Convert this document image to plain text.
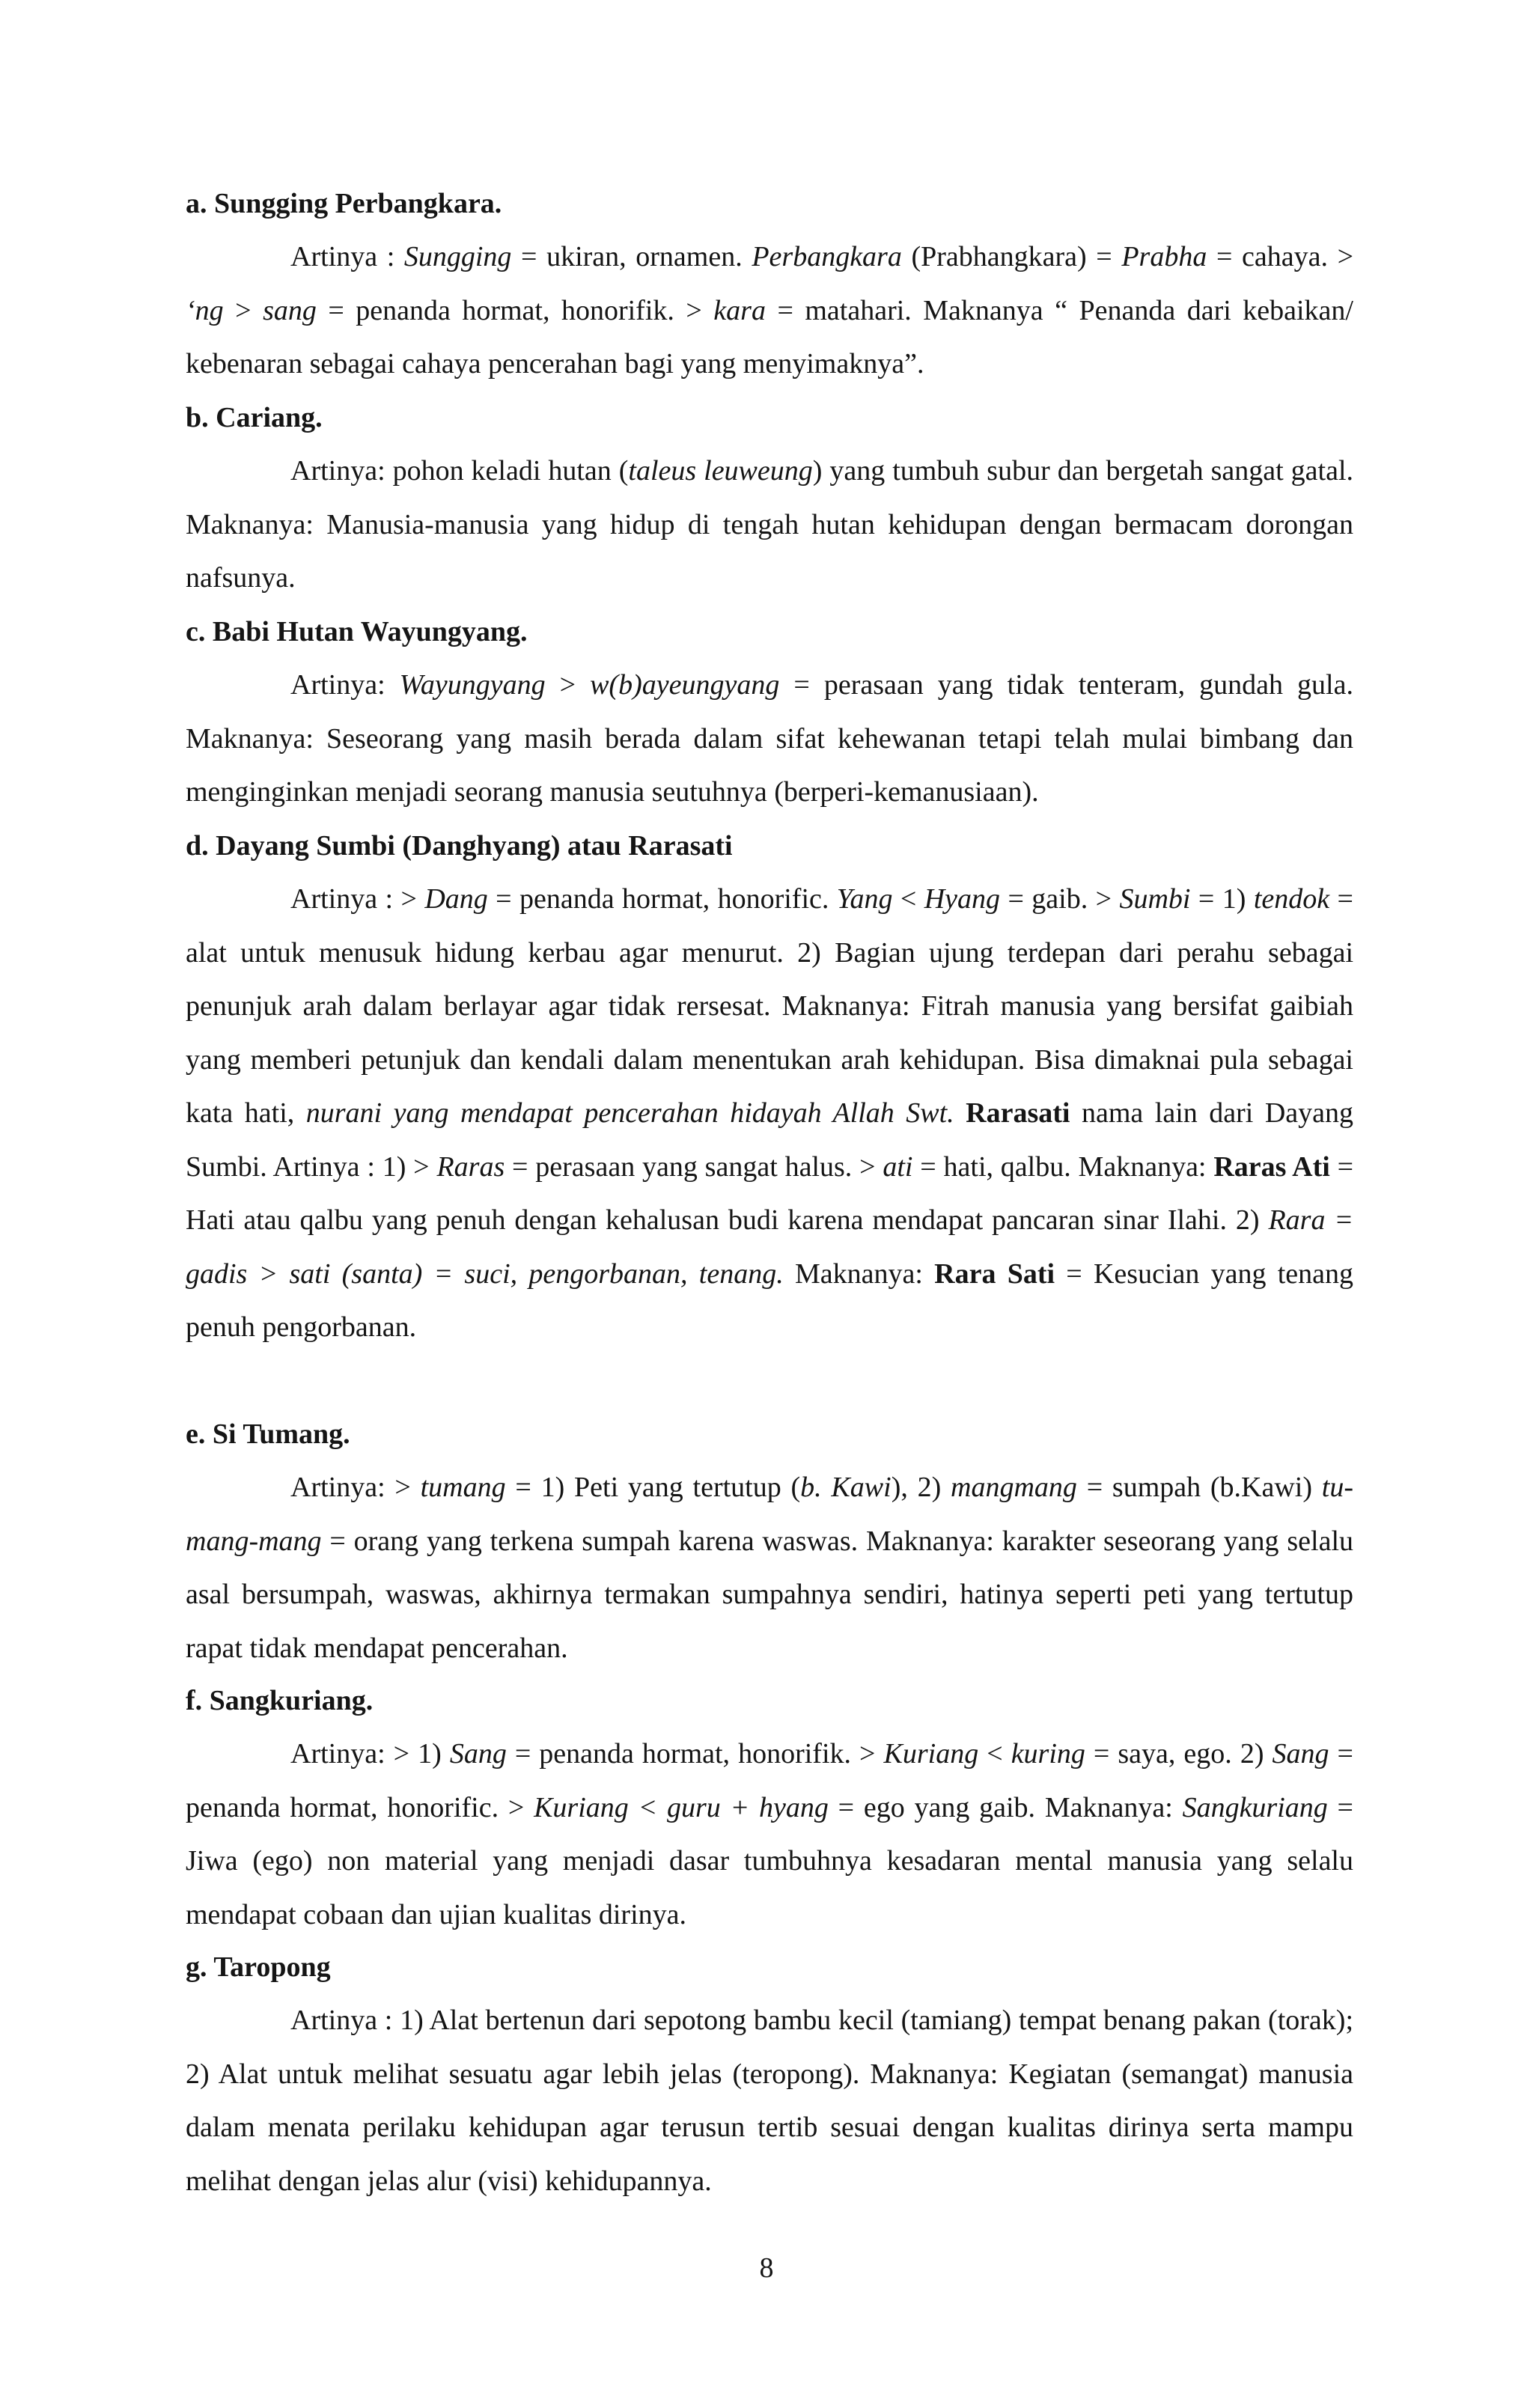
a. Sungging Perbangkara.
Artinya : Sungging = ukiran, ornamen. Perbangkara (Prabhangkara) = Prabha = cahaya. > ‘ng > sang = penanda hormat, honorifik. > kara = matahari. Maknanya “ Penanda dari kebaikan/ kebenaran sebagai cahaya pencerahan bagi yang menyimaknya”.
b. Cariang.
Artinya: pohon keladi hutan (taleus leuweung) yang tumbuh subur dan bergetah sangat gatal. Maknanya: Manusia-manusia yang hidup di tengah hutan kehidupan dengan bermacam dorongan nafsunya.
c. Babi Hutan Wayungyang.
Artinya: Wayungyang > w(b)ayeungyang = perasaan yang tidak tenteram, gundah gula. Maknanya: Seseorang yang masih berada dalam sifat kehewanan tetapi telah mulai bimbang dan menginginkan menjadi seorang manusia seutuhnya (berperi-kemanusiaan).
d. Dayang Sumbi (Danghyang) atau Rarasati
Artinya : > Dang = penanda hormat, honorific. Yang < Hyang = gaib. > Sumbi = 1) tendok = alat untuk menusuk hidung kerbau agar menurut. 2) Bagian ujung terdepan dari perahu sebagai penunjuk arah dalam berlayar agar tidak rersesat. Maknanya: Fitrah manusia yang bersifat gaibiah yang memberi petunjuk dan kendali dalam menentukan arah kehidupan. Bisa dimaknai pula sebagai kata hati, nurani yang mendapat pencerahan hidayah Allah Swt. Rarasati nama lain dari Dayang Sumbi. Artinya : 1) > Raras = perasaan yang sangat halus. > ati = hati, qalbu. Maknanya: Raras Ati = Hati atau qalbu yang penuh dengan kehalusan budi karena mendapat pancaran sinar Ilahi. 2) Rara = gadis > sati (santa) = suci, pengorbanan, tenang. Maknanya: Rara Sati = Kesucian yang tenang penuh pengorbanan.
e. Si Tumang.
Artinya: > tumang = 1) Peti yang tertutup (b. Kawi), 2) mangmang = sumpah (b.Kawi) tu-mang-mang = orang yang terkena sumpah karena waswas. Maknanya: karakter seseorang yang selalu asal bersumpah, waswas, akhirnya termakan sumpahnya sendiri, hatinya seperti peti yang tertutup rapat tidak mendapat pencerahan.
f. Sangkuriang.
Artinya: > 1) Sang = penanda hormat, honorifik. > Kuriang < kuring = saya, ego. 2) Sang = penanda hormat, honorific. > Kuriang < guru + hyang = ego yang gaib. Maknanya: Sangkuriang = Jiwa (ego) non material yang menjadi dasar tumbuhnya kesadaran mental manusia yang selalu mendapat cobaan dan ujian kualitas dirinya.
g. Taropong
Artinya : 1) Alat bertenun dari sepotong bambu kecil (tamiang) tempat benang pakan (torak); 2) Alat untuk melihat sesuatu agar lebih jelas (teropong). Maknanya: Kegiatan (semangat) manusia dalam menata perilaku kehidupan agar terusun tertib sesuai dengan kualitas dirinya serta mampu melihat dengan jelas alur (visi) kehidupannya.
8
